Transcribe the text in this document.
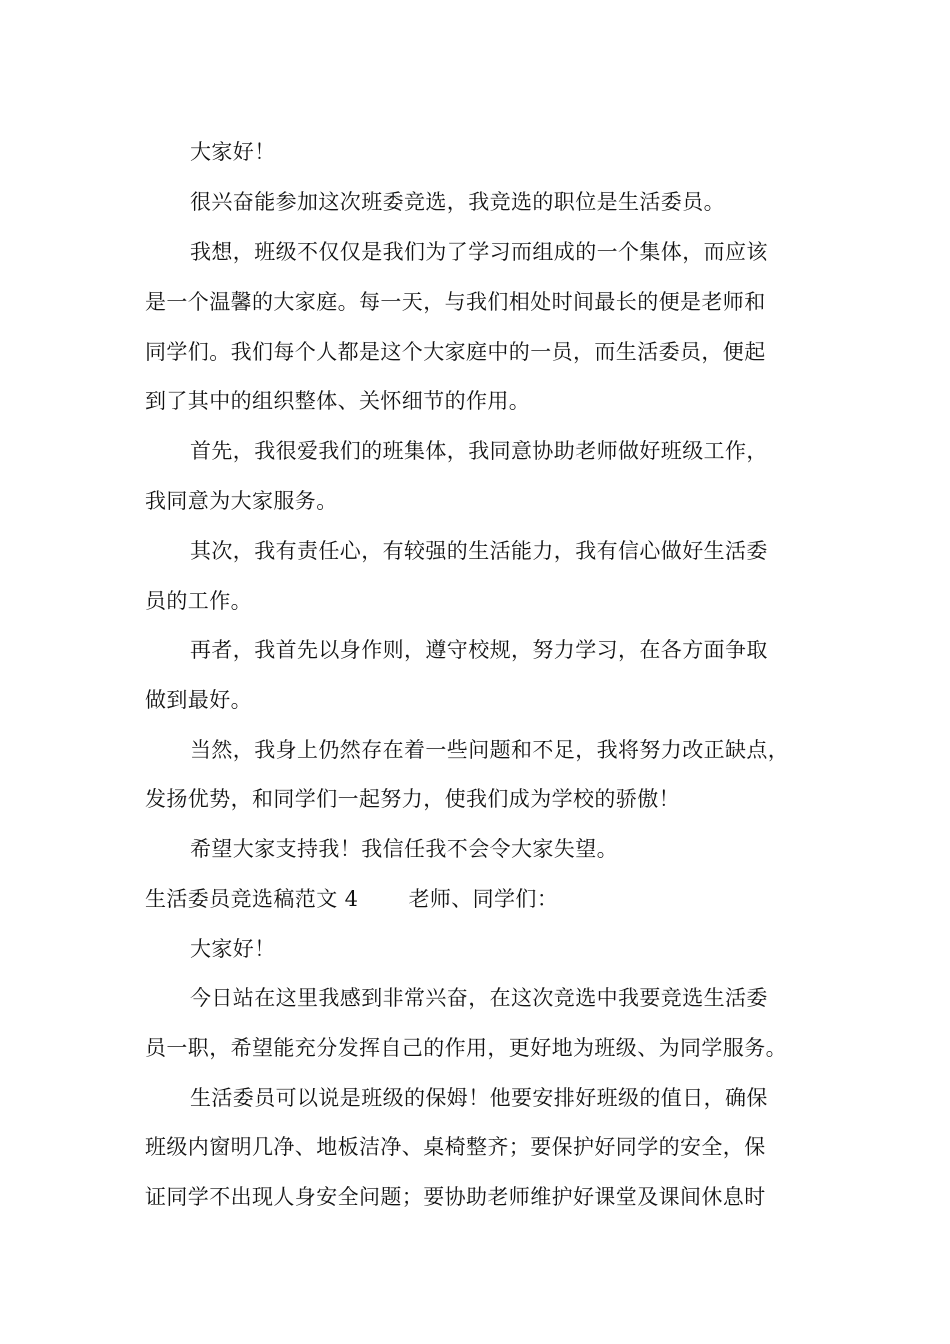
大家好！
很兴奋能参加这次班委竞选，我竞选的职位是生活委员。
我想，班级不仅仅是我们为了学习而组成的一个集体，而应该
是一个温馨的大家庭。每一天，与我们相处时间最长的便是老师和
同学们。我们每个人都是这个大家庭中的一员，而生活委员，便起
到了其中的组织整体、关怀细节的作用。
首先，我很爱我们的班集体，我同意协助老师做好班级工作，
我同意为大家服务。
其次，我有责任心，有较强的生活能力，我有信心做好生活委
员的工作。
再者，我首先以身作则，遵守校规，努力学习，在各方面争取
做到最好。
当然，我身上仍然存在着一些问题和不足，我将努力改正缺点，
发扬优势，和同学们一起努力，使我们成为学校的骄傲！
希望大家支持我！我信任我不会令大家失望。
生活委员竞选稿范文 4 老师、同学们：
大家好！
今日站在这里我感到非常兴奋，在这次竞选中我要竞选生活委
员一职，希望能充分发挥自己的作用，更好地为班级、为同学服务。
生活委员可以说是班级的保姆！他要安排好班级的值日，确保
班级内窗明几净、地板洁净、桌椅整齐；要保护好同学的安全，保
证同学不出现人身安全问题；要协助老师维护好课堂及课间休息时
